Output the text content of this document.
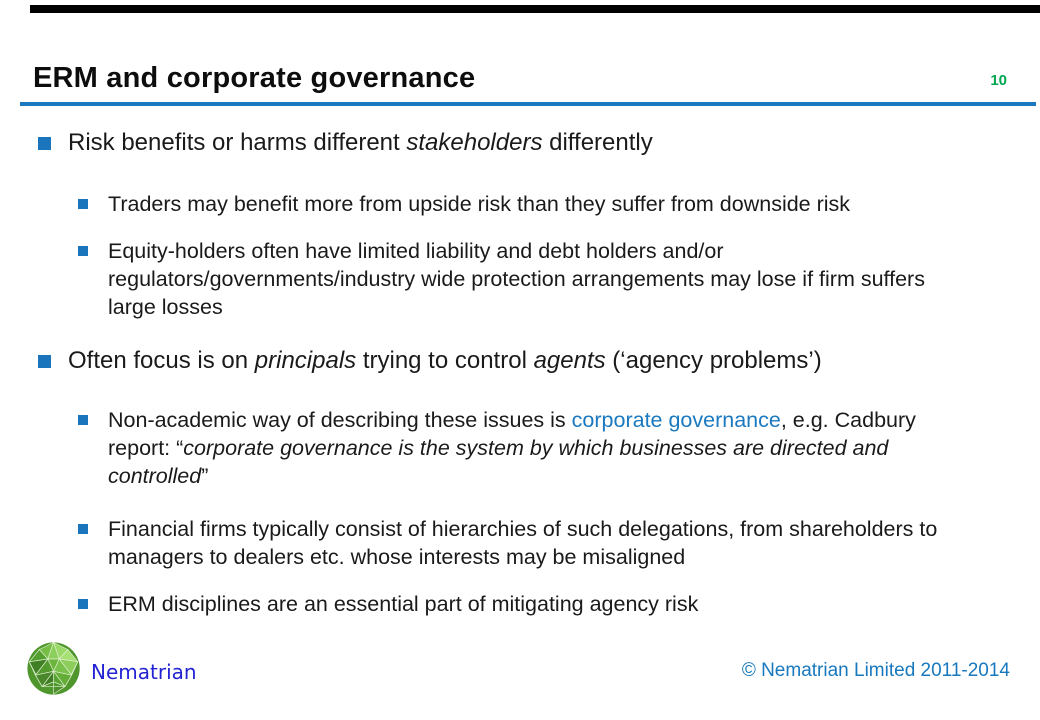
ERM and corporate governance	10
Risk benefits or harms different stakeholders differently
Traders may benefit more from upside risk than they suffer from downside risk
Equity-holders often have limited liability and debt holders and/or regulators/governments/industry wide protection arrangements may lose if firm suffers large losses
Often focus is on principals trying to control agents (‘agency problems’)
Non-academic way of describing these issues is corporate governance, e.g. Cadbury report: “corporate governance is the system by which businesses are directed and controlled”
Financial firms typically consist of hierarchies of such delegations, from shareholders to managers to dealers etc. whose interests may be misaligned
ERM disciplines are an essential part of mitigating agency risk
Nematrian	© Nematrian Limited 2011-2014
